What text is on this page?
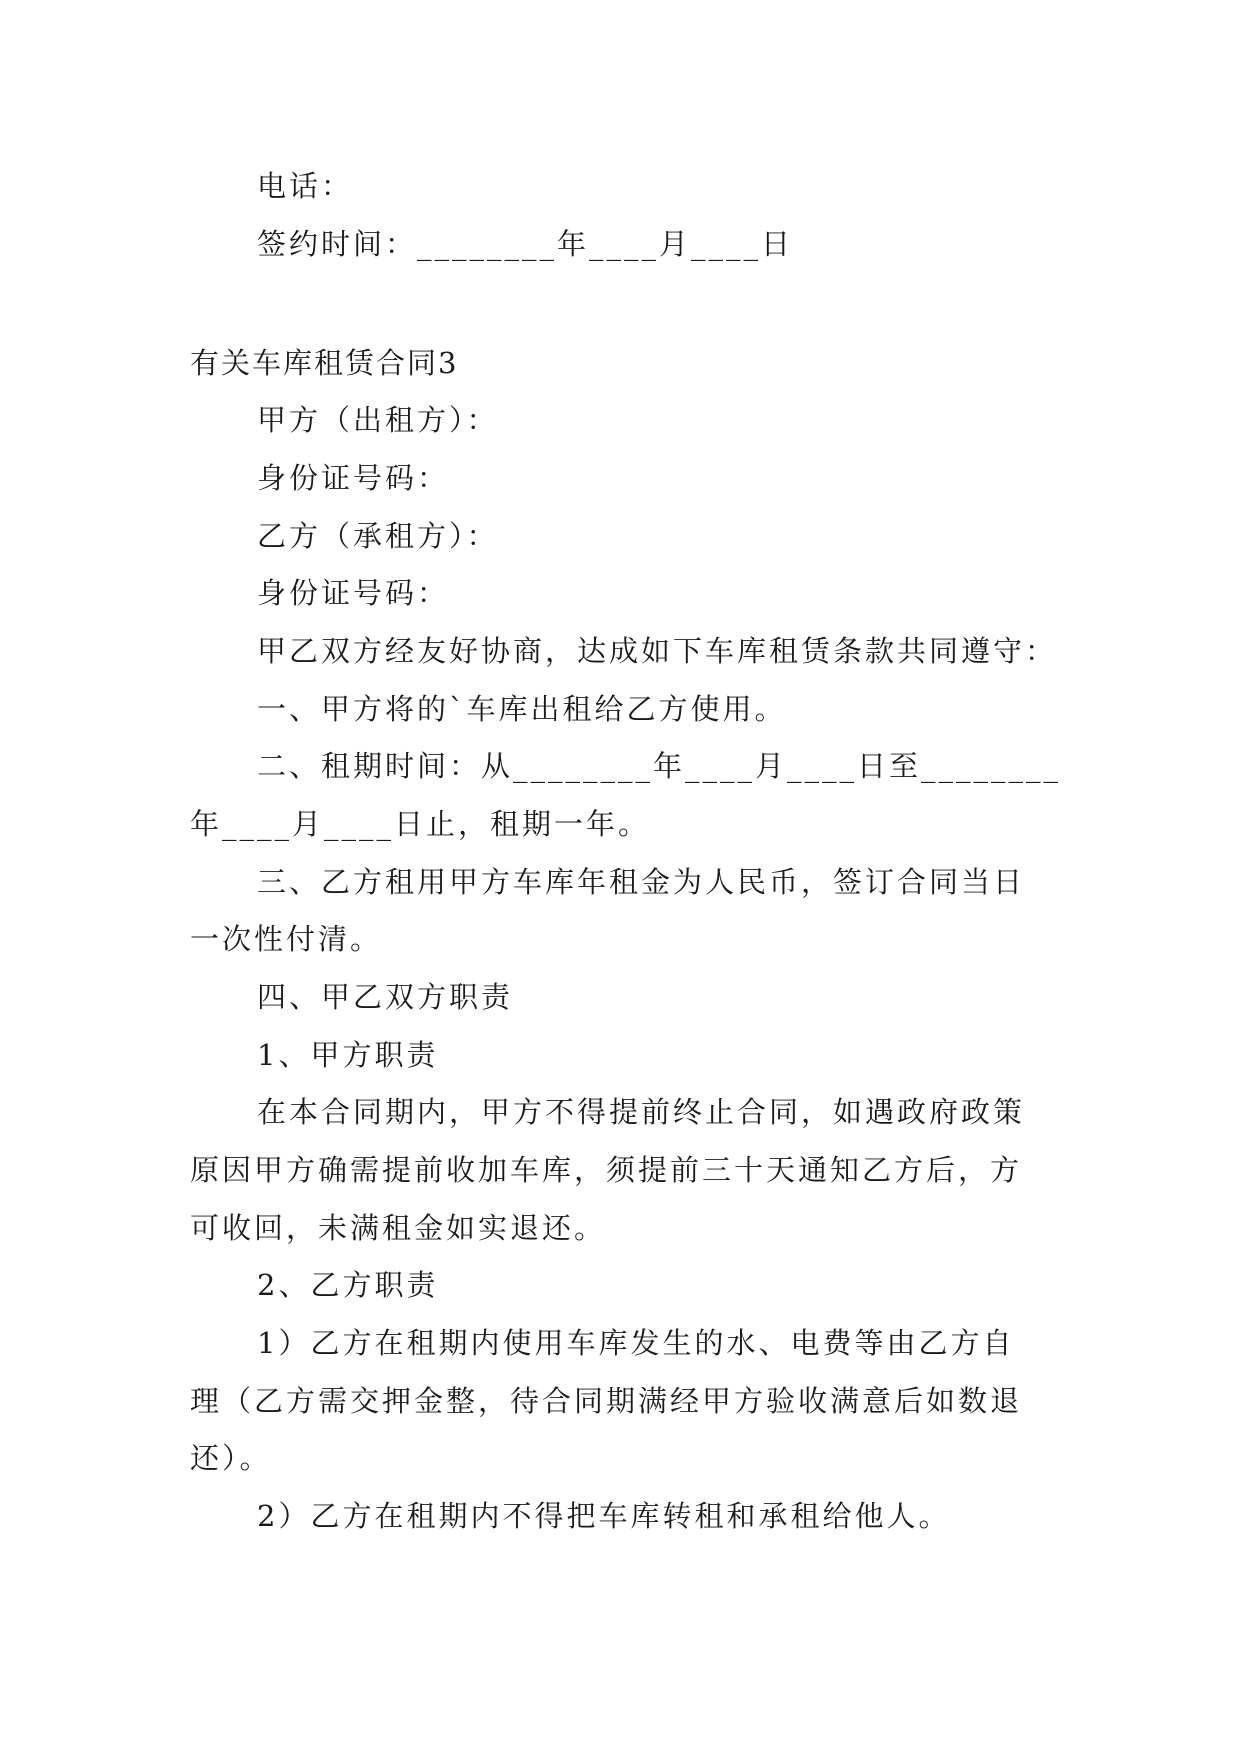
电话：
签约时间：________年____月____日
有关车库租赁合同3
甲方（出租方）：
身份证号码：
乙方（承租方）：
身份证号码：
甲乙双方经友好协商，达成如下车库租赁条款共同遵守：
一、甲方将的`车库出租给乙方使用。
二、租期时间：从________年____月____日至________
年____月____日止，租期一年。
三、乙方租用甲方车库年租金为人民币，签订合同当日
一次性付清。
四、甲乙双方职责
1、甲方职责
在本合同期内，甲方不得提前终止合同，如遇政府政策
原因甲方确需提前收加车库，须提前三十天通知乙方后，方
可收回，未满租金如实退还。
2、乙方职责
1）乙方在租期内使用车库发生的水、电费等由乙方自
理（乙方需交押金整，待合同期满经甲方验收满意后如数退
还）。
2）乙方在租期内不得把车库转租和承租给他人。
